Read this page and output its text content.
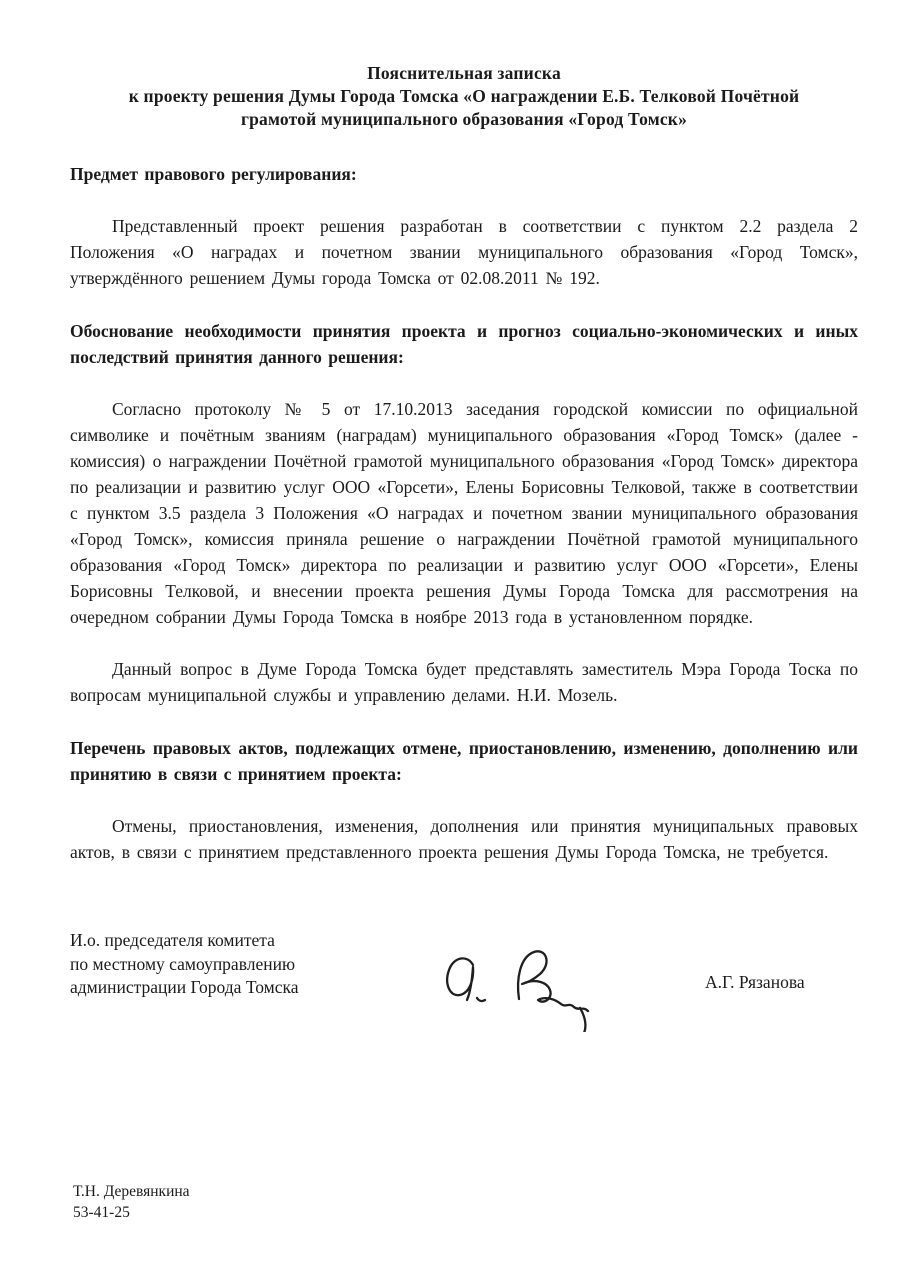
Пояснительная записка
к проекту решения Думы Города Томска «О награждении Е.Б. Телковой Почётной
грамотой муниципального образования «Город Томск»
Предмет правового регулирования:

Представленный проект решения разработан в соответствии с пунктом 2.2 раздела 2 Положения «О наградах и почетном звании муниципального образования «Город Томск», утверждённого решением Думы города Томска от 02.08.2011 № 192.

Обоснование необходимости принятия проекта и прогноз социально-экономических и иных последствий принятия данного решения:

Согласно протоколу № 5 от 17.10.2013 заседания городской комиссии по официальной символике и почётным званиям (наградам) муниципального образования «Город Томск» (далее - комиссия) о награждении Почётной грамотой муниципального образования «Город Томск» директора по реализации и развитию услуг ООО «Горсети», Елены Борисовны Телковой, также в соответствии с пунктом 3.5 раздела 3 Положения «О наградах и почетном звании муниципального образования «Город Томск», комиссия приняла решение о награждении Почётной грамотой муниципального образования «Город Томск» директора по реализации и развитию услуг ООО «Горсети», Елены Борисовны Телковой, и внесении проекта решения Думы Города Томска для рассмотрения на очередном собрании Думы Города Томска в ноябре 2013 года в установленном порядке.

Данный вопрос в Думе Города Томска будет представлять заместитель Мэра Города Тоска по вопросам муниципальной службы и управлению делами. Н.И. Мозель.

Перечень правовых актов, подлежащих отмене, приостановлению, изменению, дополнению или принятию в связи с принятием проекта:

Отмены, приостановления, изменения, дополнения или принятия муниципальных правовых актов, в связи с принятием представленного проекта решения Думы Города Томска, не требуется.

И.о. председателя комитета
по местному самоуправлению
администрации Города Томска	А.Г. Рязанова
Т.Н. Деревянкина
53-41-25
